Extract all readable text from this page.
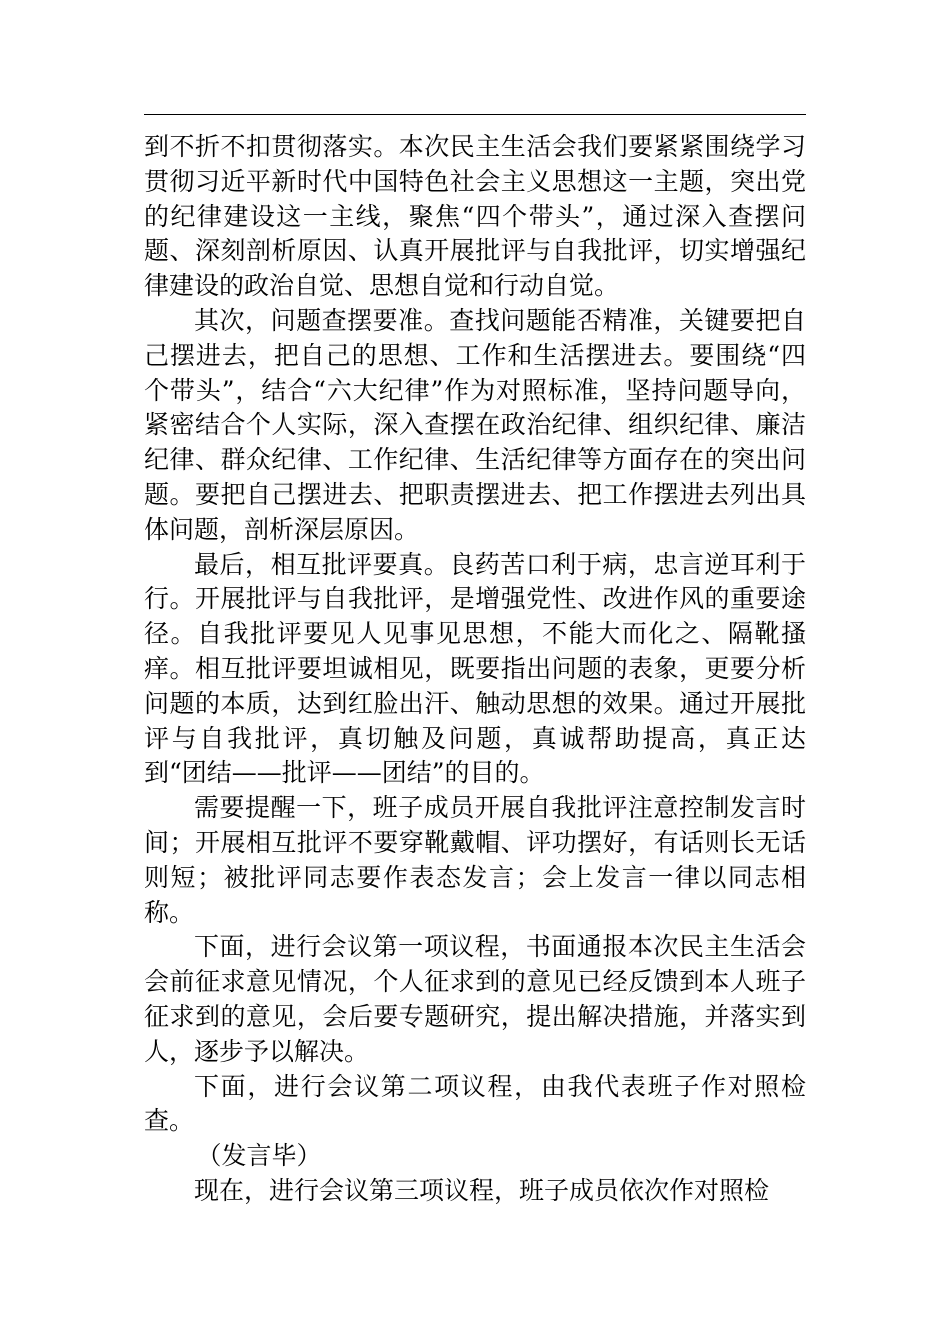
到不折不扣贯彻落实。本次民主生活会我们要紧紧围绕学习贯彻习近平新时代中国特色社会主义思想这一主题，突出党的纪律建设这一主线，聚焦“四个带头”，通过深入查摆问题、深刻剖析原因、认真开展批评与自我批评，切实增强纪律建设的政治自觉、思想自觉和行动自觉。

其次，问题查摆要准。查找问题能否精准，关键要把自己摆进去，把自己的思想、工作和生活摆进去。要围绕“四个带头”，结合“六大纪律”作为对照标准，坚持问题导向，紧密结合个人实际，深入查摆在政治纪律、组织纪律、廉洁纪律、群众纪律、工作纪律、生活纪律等方面存在的突出问题。要把自己摆进去、把职责摆进去、把工作摆进去列出具体问题，剖析深层原因。

最后，相互批评要真。良药苦口利于病，忠言逆耳利于行。开展批评与自我批评，是增强党性、改进作风的重要途径。自我批评要见人见事见思想，不能大而化之、隔靴搔痒。相互批评要坦诚相见，既要指出问题的表象，更要分析问题的本质，达到红脸出汗、触动思想的效果。通过开展批评与自我批评，真切触及问题，真诚帮助提高，真正达到“团结——批评——团结”的目的。

需要提醒一下，班子成员开展自我批评注意控制发言时间；开展相互批评不要穿靴戴帽、评功摆好，有话则长无话则短；被批评同志要作表态发言；会上发言一律以同志相称。

下面，进行会议第一项议程，书面通报本次民主生活会会前征求意见情况，个人征求到的意见已经反馈到本人班子征求到的意见，会后要专题研究，提出解决措施，并落实到人，逐步予以解决。

下面，进行会议第二项议程，由我代表班子作对照检查。

（发言毕）

现在，进行会议第三项议程，班子成员依次作对照检
